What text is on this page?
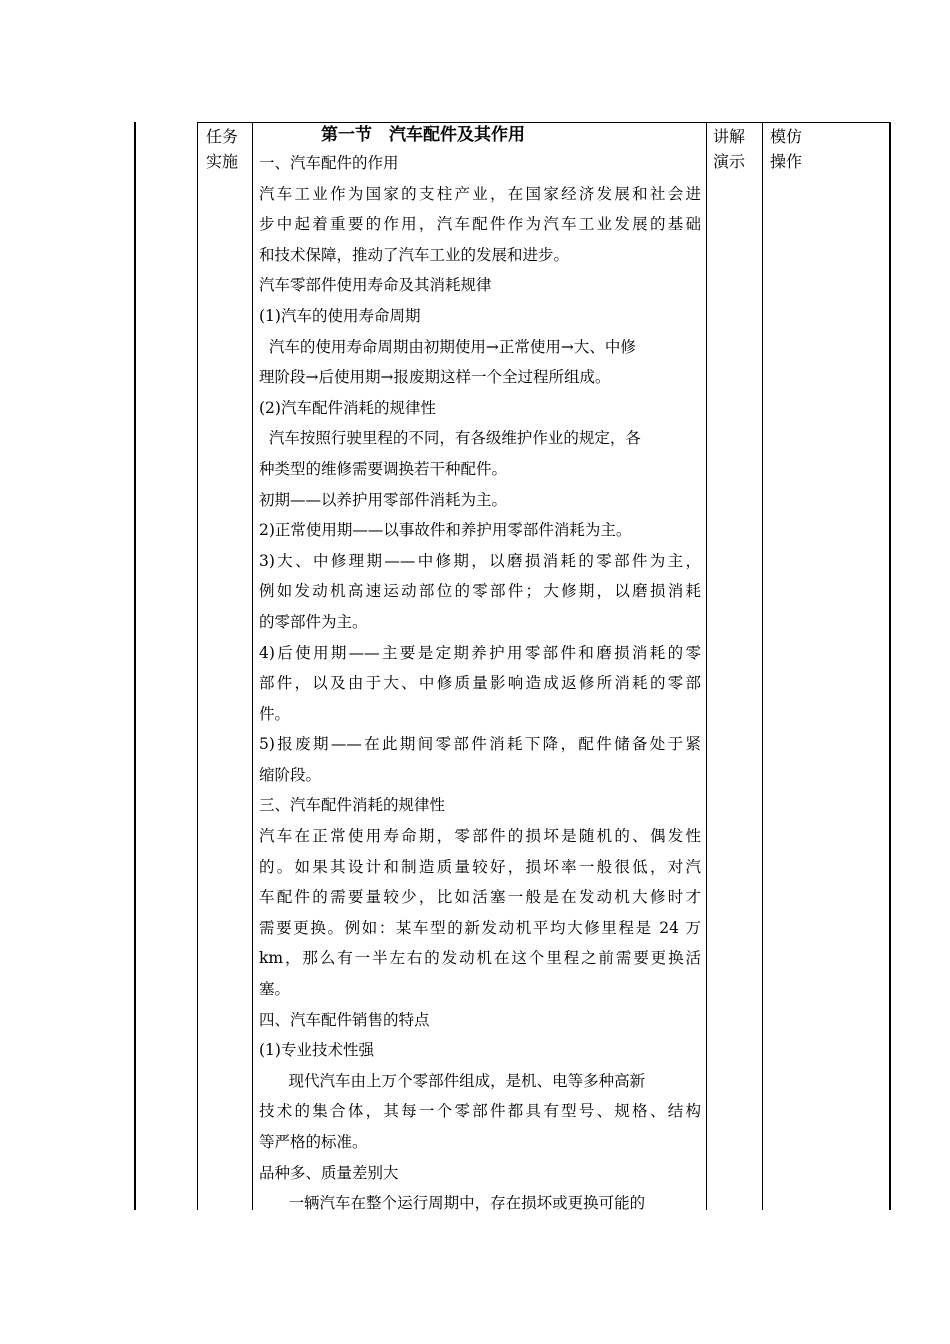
任务
实施
讲解
演示
模仿
操作
第一节　汽车配件及其作用
一、汽车配件的作用
汽车工业作为国家的支柱产业，在国家经济发展和社会进
步中起着重要的作用，汽车配件作为汽车工业发展的基础
和技术保障，推动了汽车工业的发展和进步。
汽车零部件使用寿命及其消耗规律
(1)汽车的使用寿命周期
汽车的使用寿命周期由初期使用→正常使用→大、中修
理阶段→后使用期→报废期这样一个全过程所组成。
(2)汽车配件消耗的规律性
汽车按照行驶里程的不同，有各级维护作业的规定，各
种类型的维修需要调换若干种配件。
初期——以养护用零部件消耗为主。
2)正常使用期——以事故件和养护用零部件消耗为主。
3)大、中修理期——中修期，以磨损消耗的零部件为主，
例如发动机高速运动部位的零部件；大修期，以磨损消耗
的零部件为主。
4)后使用期——主要是定期养护用零部件和磨损消耗的零
部件，以及由于大、中修质量影响造成返修所消耗的零部
件。
5)报废期——在此期间零部件消耗下降，配件储备处于紧
缩阶段。
三、汽车配件消耗的规律性
汽车在正常使用寿命期，零部件的损坏是随机的、偶发性
的。如果其设计和制造质量较好，损坏率一般很低，对汽
车配件的需要量较少，比如活塞一般是在发动机大修时才
需要更换。例如：某车型的新发动机平均大修里程是 24 万
km，那么有一半左右的发动机在这个里程之前需要更换活
塞。
四、汽车配件销售的特点
(1)专业技术性强
现代汽车由上万个零部件组成，是机、电等多种高新
技术的集合体，其每一个零部件都具有型号、规格、结构
等严格的标准。
品种多、质量差别大
一辆汽车在整个运行周期中，存在损坏或更换可能的
